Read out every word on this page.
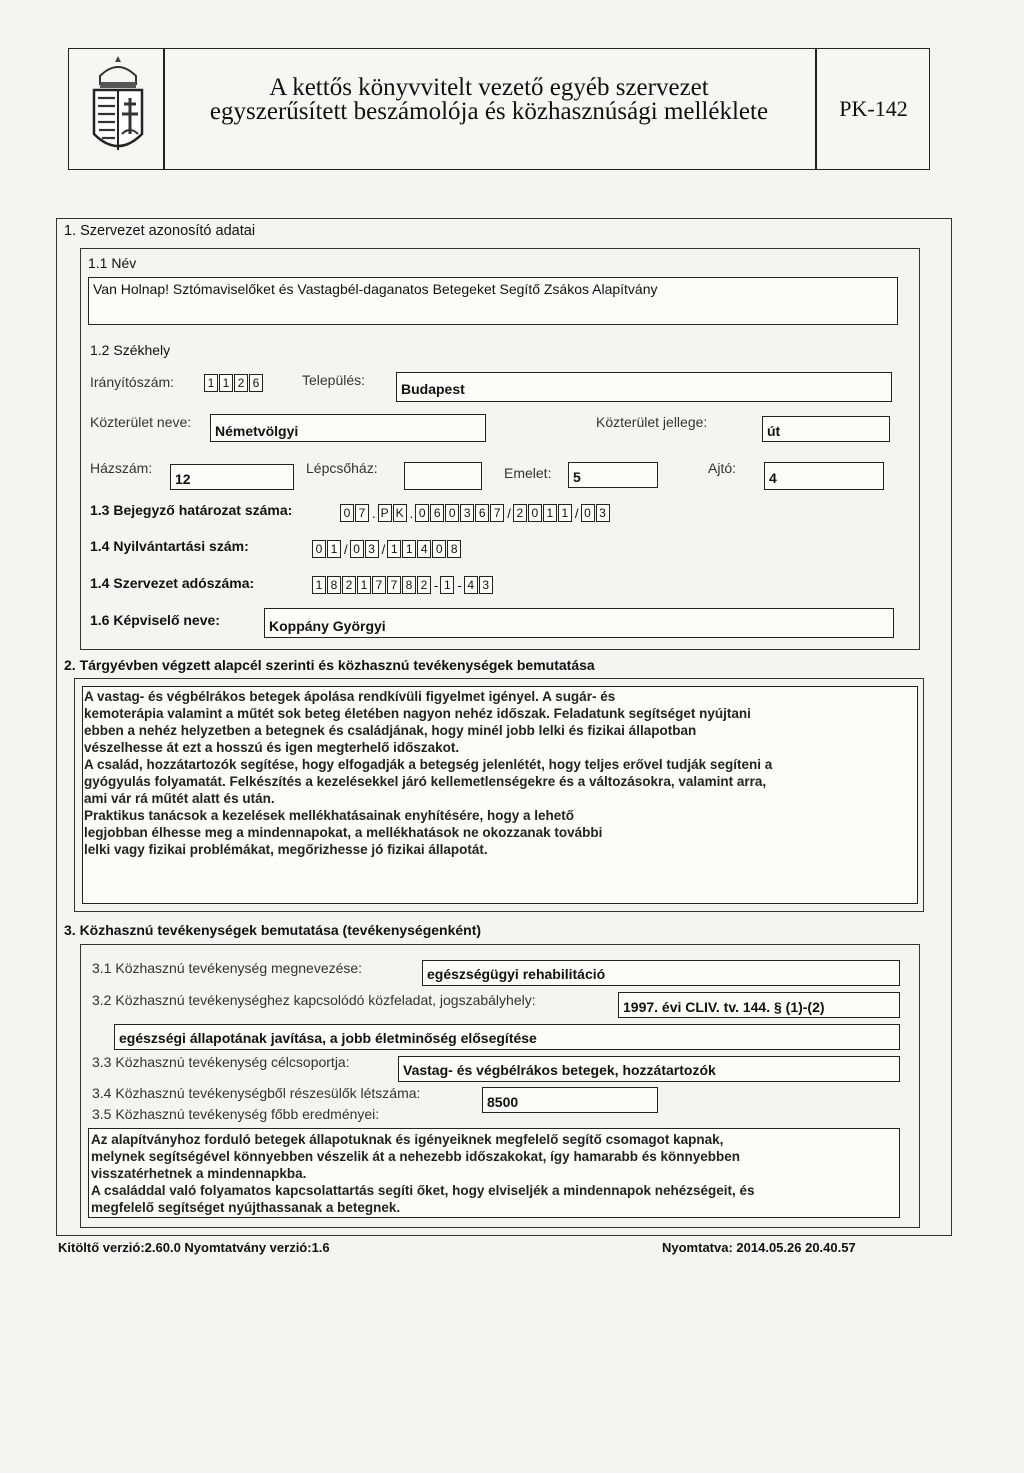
A kettős könyvvitelt vezető egyéb szervezet
egyszerűsített beszámolója és közhasznúsági melléklete	PK-142
1. Szervezet azonosító adatai
1.1 Név
Van Holnap! Sztómaviselőket és Vastagbél-daganatos Betegeket Segítő Zsákos Alapítvány
1.2 Székhely
Irányítószám:	1 1 2 6	Település:
Budapest
Közterület neve:
Németvölgyi
Közterület jellege:
út
Házszám:
12
Lépcsőház:	Emelet:	5
Ajtó:
4
1.3 Bejegyző határozat száma:	0 7 . P K . 0 6 0 3 6 7 / 2 0 1 1 / 0 3
1.4 Nyilvántartási szám:	0 1 / 0 3 / 1 1 4 0 8
1.4 Szervezet adószáma:	1 8 2 1 7 7 8 2 - 1 - 4 3
1.6 Képviselő neve:	Koppány Györgyi
2. Tárgyévben végzett alapcél szerinti és közhasznú tevékenységek bemutatása
A vastag- és végbélrákos betegek ápolása rendkívüli figyelmet igényel. A sugár- és
kemoterápia valamint a műtét sok beteg életében nagyon nehéz időszak. Feladatunk segítséget nyújtani
ebben a nehéz helyzetben a betegnek és családjának, hogy minél jobb lelki és fizikai állapotban
vészelhesse át ezt a hosszú és igen megterhelő időszakot.
A család, hozzátartozók segítése, hogy elfogadják a betegség jelenlétét, hogy teljes erővel tudják segíteni a
gyógyulás folyamatát. Felkészítés a kezelésekkel járó kellemetlenségekre és a változásokra, valamint arra,
ami vár rá műtét alatt és után.
Praktikus tanácsok a kezelések mellékhatásainak enyhítésére, hogy a lehető
legjobban élhesse meg a mindennapokat, a mellékhatások ne okozzanak további
lelki vagy fizikai problémákat, megőrizhesse jó fizikai állapotát.
3. Közhasznú tevékenységek bemutatása (tevékenységenként)
3.1 Közhasznú tevékenység megnevezése:	egészségügyi rehabilitáció
3.2 Közhasznú tevékenységhez kapcsolódó közfeladat, jogszabályhely:	1997. évi CLIV. tv. 144. § (1)-(2)
egészségi állapotának javítása, a jobb életminőség elősegítése
3.3 Közhasznú tevékenység célcsoportja:	Vastag- és végbélrákos betegek, hozzátartozók
3.4 Közhasznú tevékenységből részesülők létszáma:
8500
3.5 Közhasznú tevékenység főbb eredményei:
Az alapítványhoz forduló betegek állapotuknak és igényeiknek megfelelő segítő csomagot kapnak,
melynek segítségével könnyebben vészelik át a nehezebb időszakokat, így hamarabb és könnyebben
visszatérhetnek a mindennapkba.
A családdal való folyamatos kapcsolattartás segíti őket, hogy elviseljék a mindennapok nehézségeit, és
megfelelő segítséget nyújthassanak a betegnek.
Kitöltő verzió:2.60.0 Nyomtatvány verzió:1.6	Nyomtatva: 2014.05.26 20.40.57
